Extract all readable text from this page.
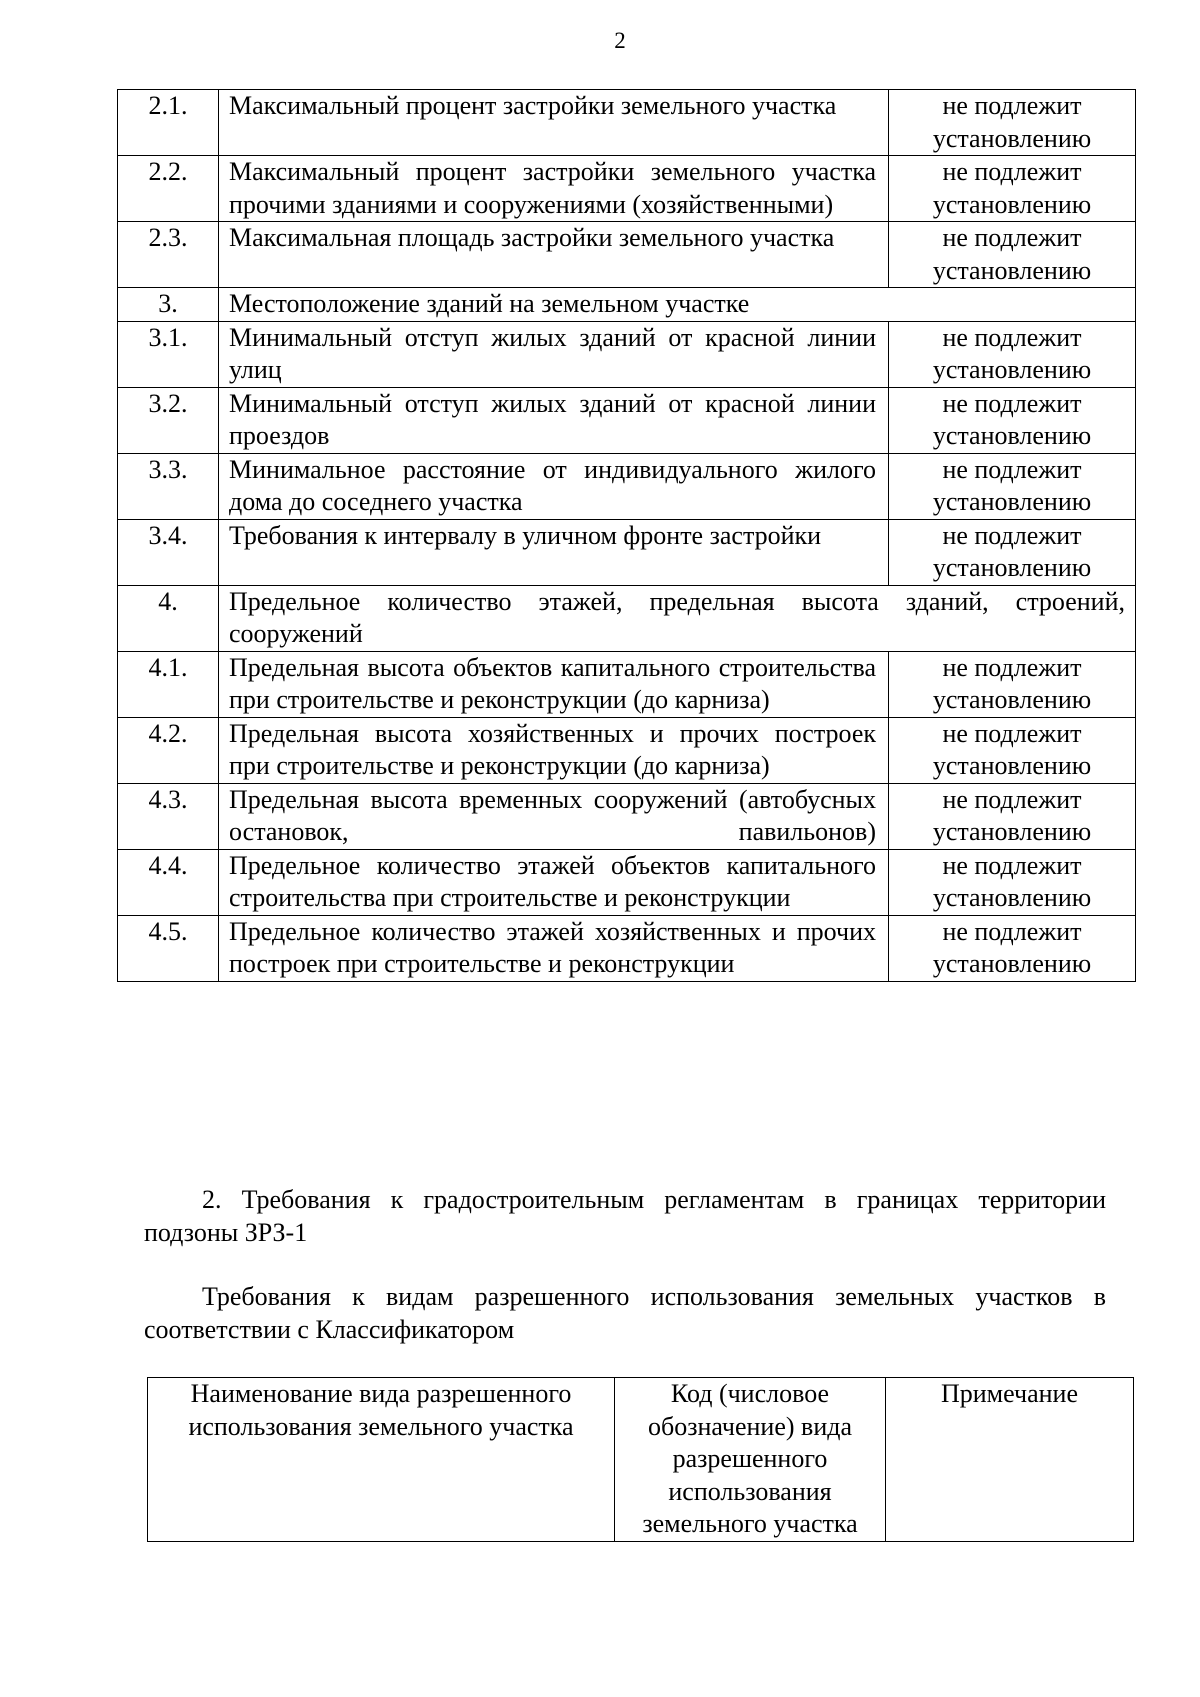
2
2.1.	Максимальный процент застройки земельного участка	не подлежит установлению
2.2.	Максимальный процент застройки земельного участка прочими зданиями и сооружениями (хозяйственными)	не подлежит установлению
2.3.	Максимальная площадь застройки земельного участка	не подлежит установлению
3.	Местоположение зданий на земельном участке	
3.1.	Минимальный отступ жилых зданий от красной линии улиц	не подлежит установлению
3.2.	Минимальный отступ жилых зданий от красной линии проездов	не подлежит установлению
3.3.	Минимальное расстояние от индивидуального жилого дома до соседнего участка	не подлежит установлению
3.4.	Требования к интервалу в уличном фронте застройки	не подлежит установлению
4.	Предельное количество этажей, предельная высота зданий, строений, сооружений	
4.1.	Предельная высота объектов капитального строительства при строительстве и реконструкции (до карниза)	не подлежит установлению
4.2.	Предельная высота хозяйственных и прочих построек при строительстве и реконструкции (до карниза)	не подлежит установлению
4.3.	Предельная высота временных сооружений (автобусных остановок, павильонов)	не подлежит установлению
4.4.	Предельное количество этажей объектов капитального строительства при строительстве и реконструкции	не подлежит установлению
4.5.	Предельное количество этажей хозяйственных и прочих построек при строительстве и реконструкции	не подлежит установлению
2. Требования к градостроительным регламентам в границах территории подзоны ЗРЗ-1
Требования к видам разрешенного использования земельных участков в соответствии с Классификатором
Наименование вида разрешенного использования земельного участка	Код (числовое обозначение) вида разрешенного использования земельного участка	Примечание
